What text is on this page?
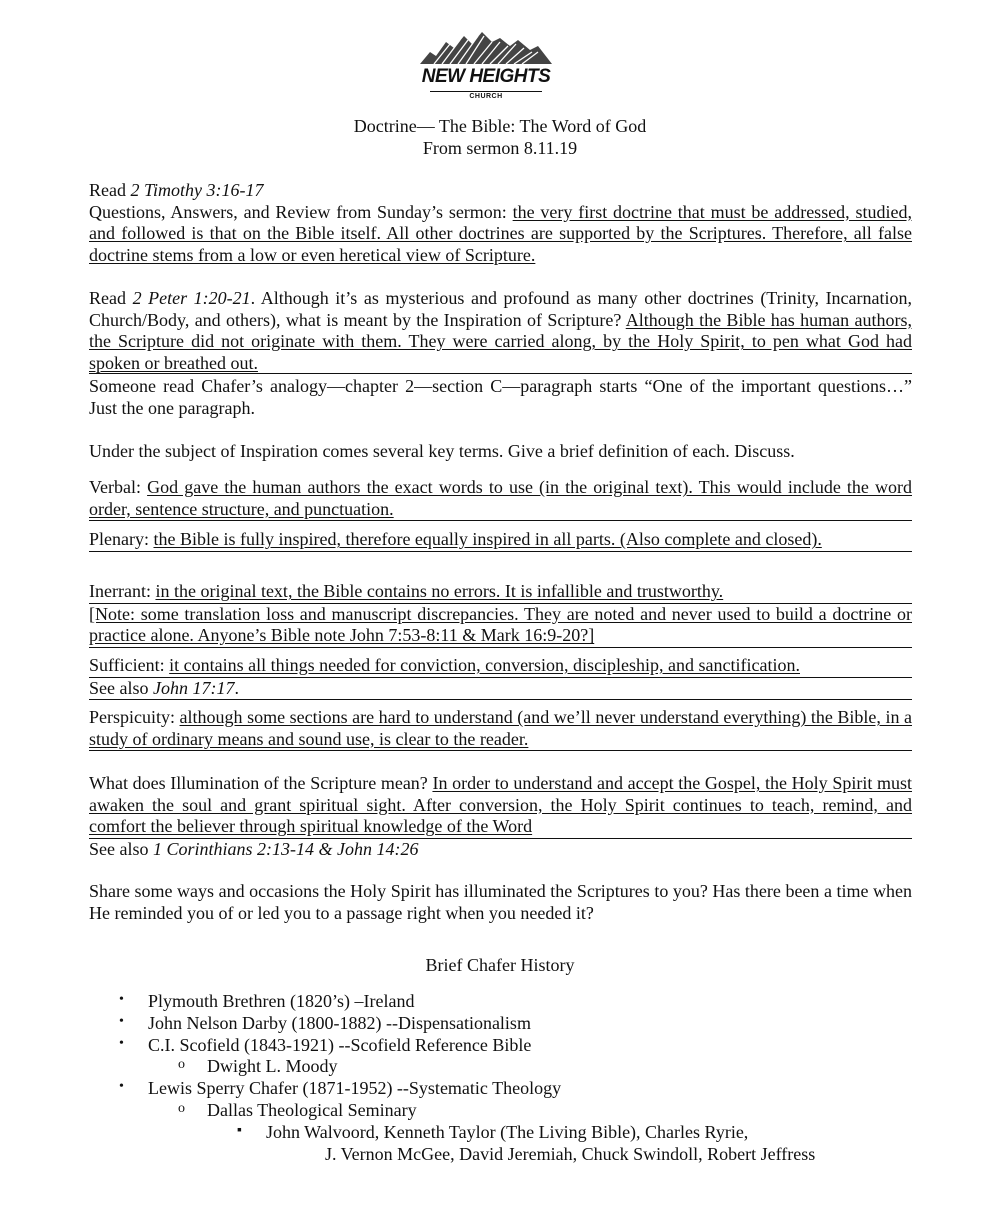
NEW HEIGHTS
CHURCH
Doctrine— The Bible: The Word of God
From sermon 8.11.19
Read 2 Timothy 3:16-17
Questions, Answers, and Review from Sunday’s sermon: the very first doctrine that must be addressed, studied, and followed is that on the Bible itself. All other doctrines are supported by the Scriptures. Therefore, all false doctrine stems from a low or even heretical view of Scripture.
Read 2 Peter 1:20-21. Although it’s as mysterious and profound as many other doctrines (Trinity, Incarnation, Church/Body, and others), what is meant by the Inspiration of Scripture? Although the Bible has human authors, the Scripture did not originate with them. They were carried along, by the Holy Spirit, to pen what God had spoken or breathed out.
Someone read Chafer’s analogy—chapter 2—section C—paragraph starts “One of the important questions…” Just the one paragraph.
Under the subject of Inspiration comes several key terms. Give a brief definition of each. Discuss.
Verbal: God gave the human authors the exact words to use (in the original text). This would include the word order, sentence structure, and punctuation.
Plenary: the Bible is fully inspired, therefore equally inspired in all parts. (Also complete and closed).
Inerrant: in the original text, the Bible contains no errors. It is infallible and trustworthy.
[Note: some translation loss and manuscript discrepancies. They are noted and never used to build a doctrine or practice alone. Anyone’s Bible note John 7:53-8:11 & Mark 16:9-20?]
Sufficient: it contains all things needed for conviction, conversion, discipleship, and sanctification.
See also John 17:17.
Perspicuity: although some sections are hard to understand (and we’ll never understand everything) the Bible, in a study of ordinary means and sound use, is clear to the reader.
What does Illumination of the Scripture mean? In order to understand and accept the Gospel, the Holy Spirit must awaken the soul and grant spiritual sight. After conversion, the Holy Spirit continues to teach, remind, and comfort the believer through spiritual knowledge of the Word
See also 1 Corinthians 2:13-14 & John 14:26
Share some ways and occasions the Holy Spirit has illuminated the Scriptures to you? Has there been a time when He reminded you of or led you to a passage right when you needed it?
Brief Chafer History
• Plymouth Brethren (1820’s) –Ireland
• John Nelson Darby (1800-1882) --Dispensationalism
• C.I. Scofield (1843-1921) --Scofield Reference Bible
o Dwight L. Moody
• Lewis Sperry Chafer (1871-1952) --Systematic Theology
o Dallas Theological Seminary
▪ John Walvoord, Kenneth Taylor (The Living Bible), Charles Ryrie,
J. Vernon McGee, David Jeremiah, Chuck Swindoll, Robert Jeffress
